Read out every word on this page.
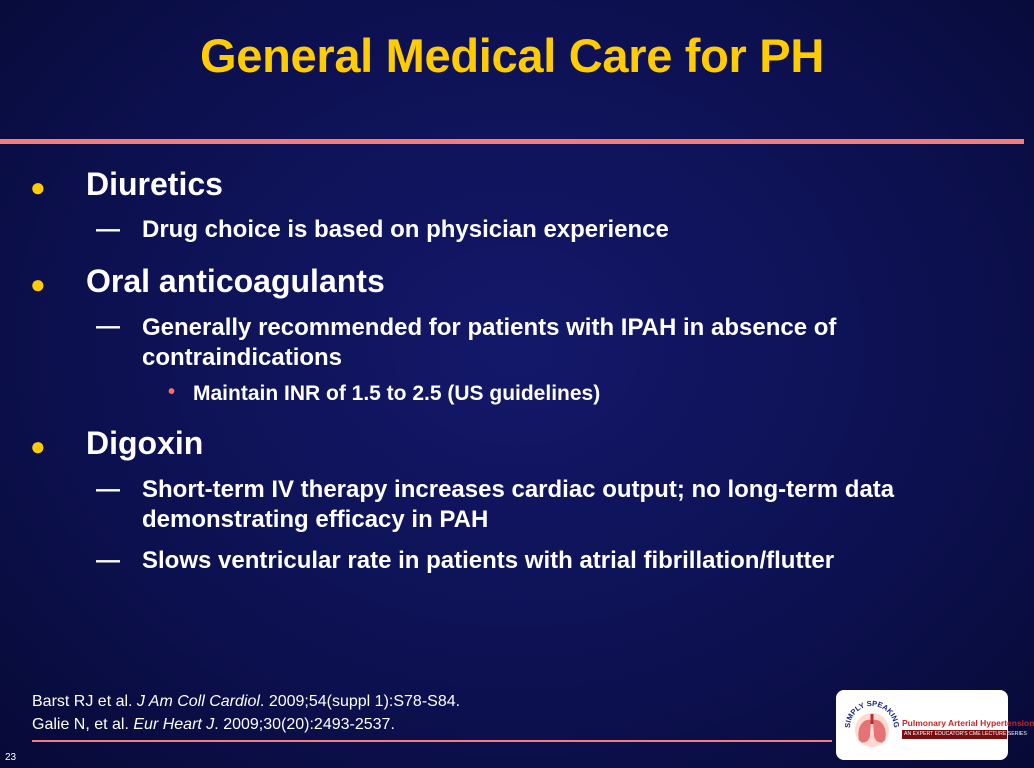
General Medical Care for PH
● Diuretics
— Drug choice is based on physician experience
● Oral anticoagulants
— Generally recommended for patients with IPAH in absence of contraindications
• Maintain INR of 1.5 to 2.5 (US guidelines)
● Digoxin
— Short-term IV therapy increases cardiac output; no long-term data demonstrating efficacy in PAH
— Slows ventricular rate in patients with atrial fibrillation/flutter
Barst RJ et al. J Am Coll Cardiol. 2009;54(suppl 1):S78-S84.
Galie N, et al. Eur Heart J. 2009;30(20):2493-2537.
23
SIMPLY SPEAKING Pulmonary Arterial Hypertension
AN EXPERT EDUCATOR'S CME LECTURE SERIES
